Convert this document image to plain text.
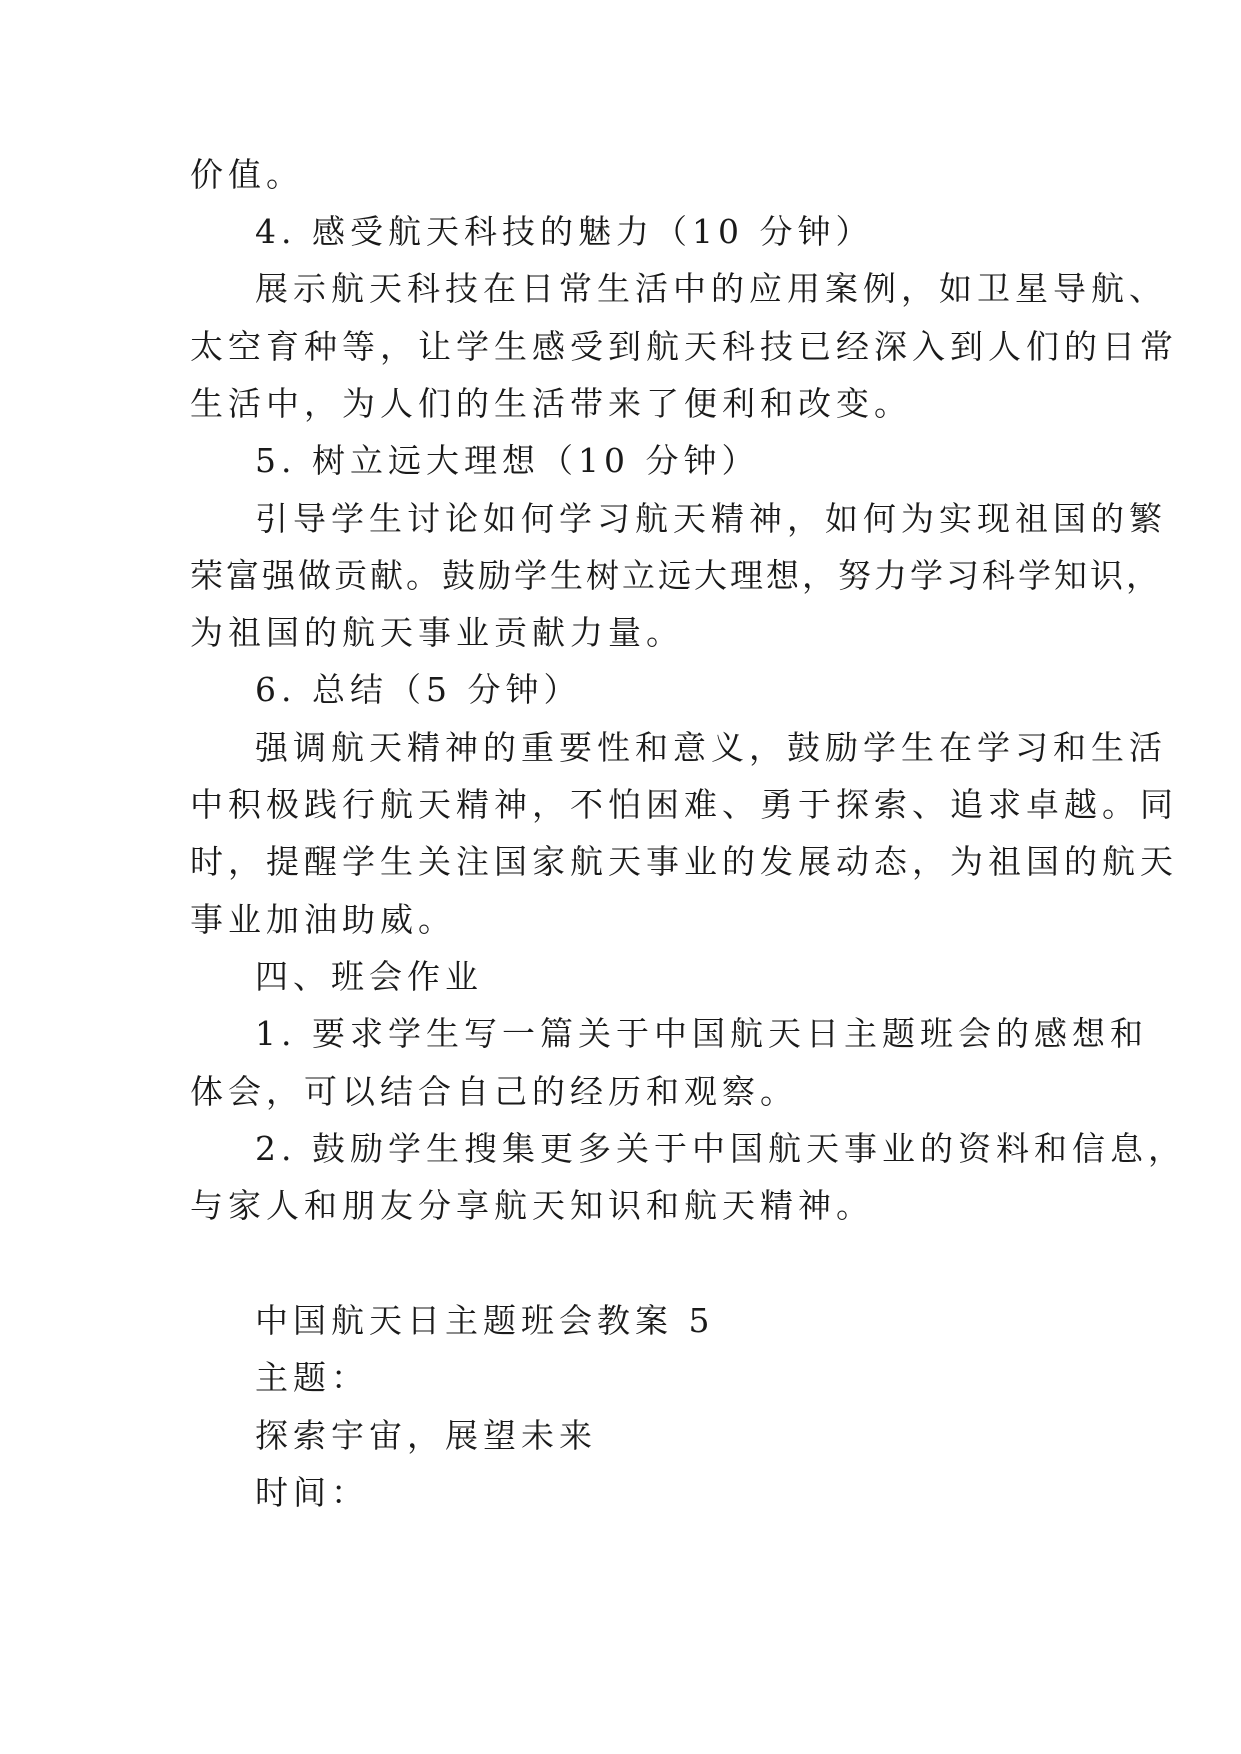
价值。
4. 感受航天科技的魅力（10 分钟）
展示航天科技在日常生活中的应用案例，如卫星导航、
太空育种等，让学生感受到航天科技已经深入到人们的日常
生活中，为人们的生活带来了便利和改变。
5. 树立远大理想（10 分钟）
引导学生讨论如何学习航天精神，如何为实现祖国的繁
荣富强做贡献。鼓励学生树立远大理想，努力学习科学知识，
为祖国的航天事业贡献力量。
6. 总结（5 分钟）
强调航天精神的重要性和意义，鼓励学生在学习和生活
中积极践行航天精神，不怕困难、勇于探索、追求卓越。同
时，提醒学生关注国家航天事业的发展动态，为祖国的航天
事业加油助威。
四、班会作业
1. 要求学生写一篇关于中国航天日主题班会的感想和
体会，可以结合自己的经历和观察。
2. 鼓励学生搜集更多关于中国航天事业的资料和信息，
与家人和朋友分享航天知识和航天精神。
中国航天日主题班会教案 5
主题：
探索宇宙，展望未来
时间：
